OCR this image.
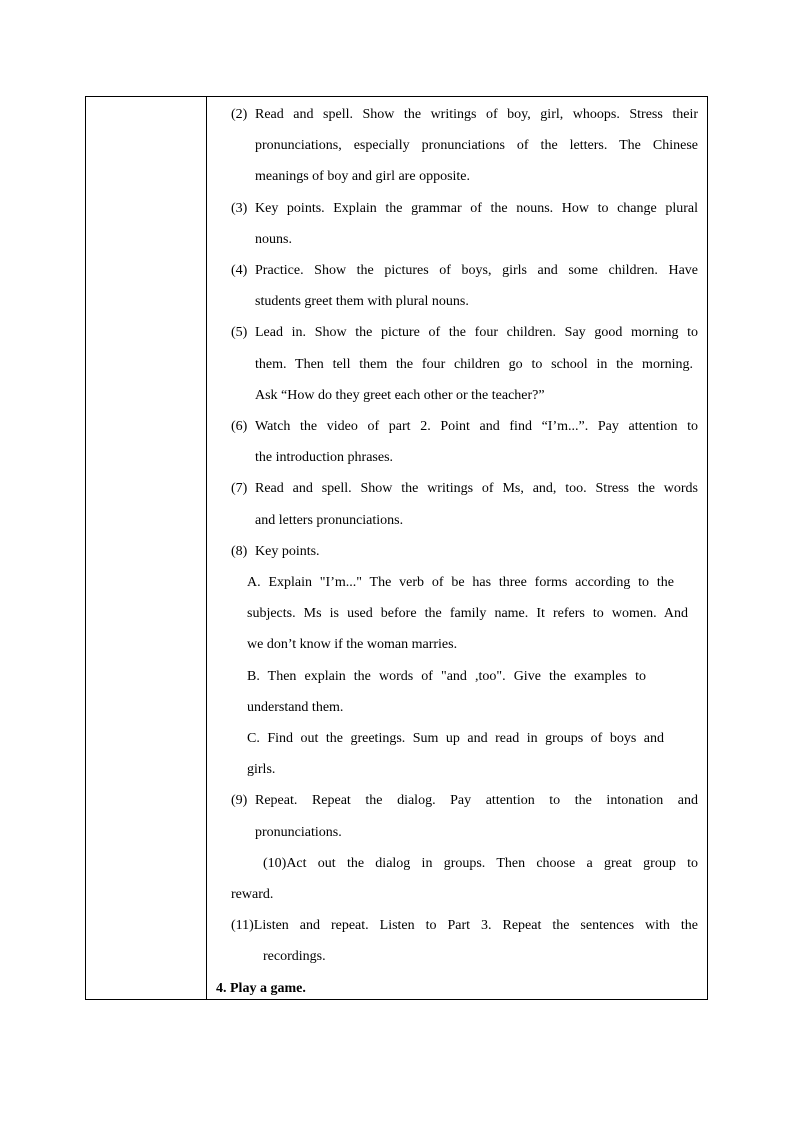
(2) Read and spell. Show the writings of boy, girl, whoops. Stress their
pronunciations, especially pronunciations of the letters. The Chinese
meanings of boy and girl are opposite.
(3) Key points. Explain the grammar of the nouns. How to change plural
nouns.
(4) Practice. Show the pictures of boys, girls and some children. Have
students greet them with plural nouns.
(5) Lead in. Show the picture of the four children. Say good morning to
them. Then tell them the four children go to school in the morning.
Ask “How do they greet each other or the teacher?”
(6) Watch the video of part 2. Point and find “I’m...”. Pay attention to
the introduction phrases.
(7) Read and spell. Show the writings of Ms, and, too. Stress the words
and letters pronunciations.
(8) Key points.
A. Explain "I’m..." The verb of be has three forms according to the
subjects. Ms is used before the family name. It refers to women. And
we don’t know if the woman marries.
B. Then explain the words of "and ,too". Give the examples to
understand them.
C. Find out the greetings. Sum up and read in groups of boys and
girls.
(9) Repeat. Repeat the dialog. Pay attention to the intonation and
pronunciations.
(10)Act out the dialog in groups. Then choose a great group to
reward.
(11)Listen and repeat. Listen to Part 3. Repeat the sentences with the
recordings.
4. Play a game.
